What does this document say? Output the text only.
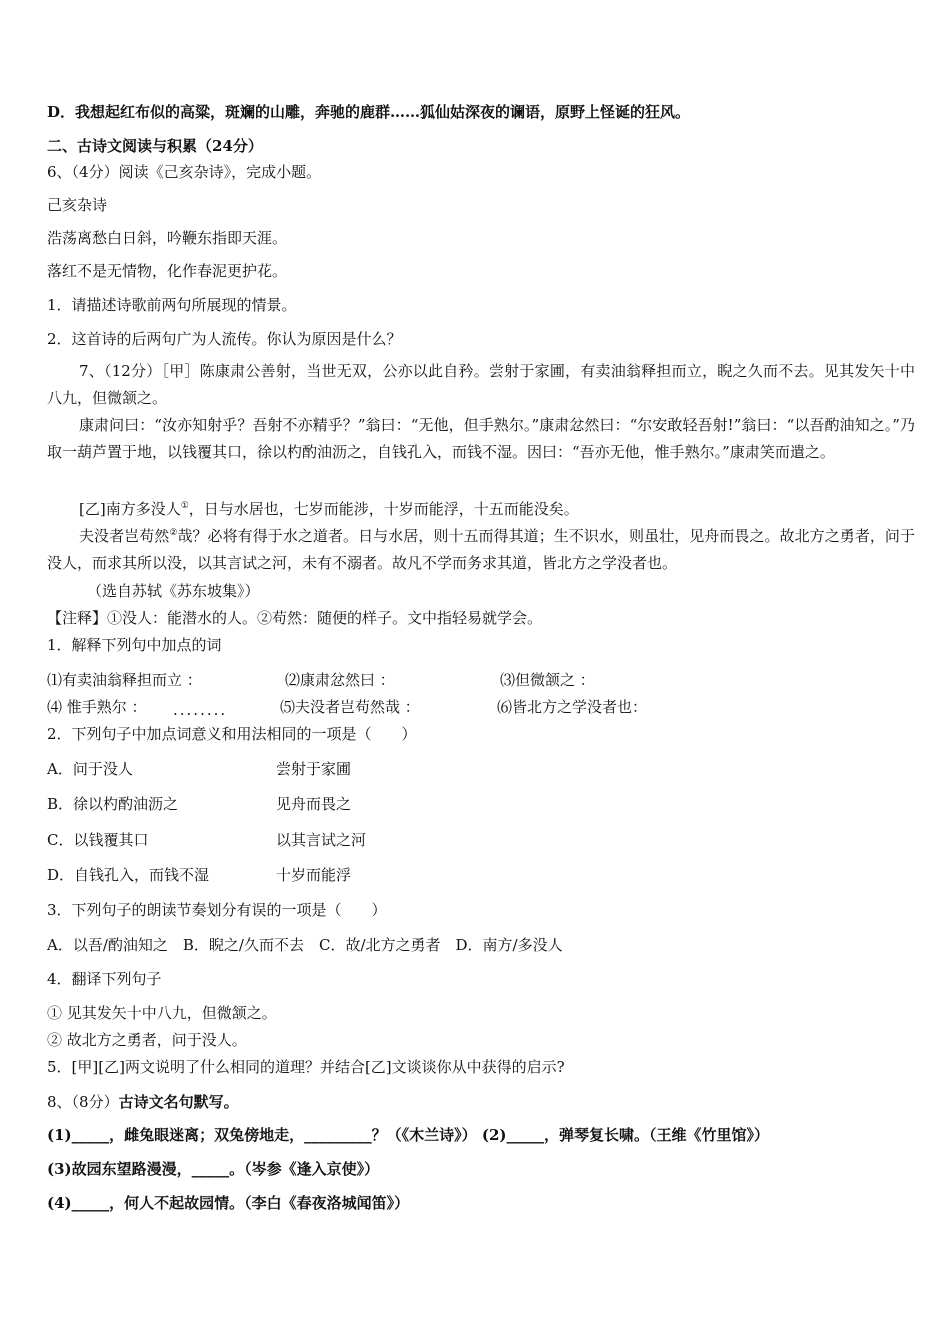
D．我想起红布似的高粱，斑斓的山雕，奔驰的鹿群……狐仙姑深夜的谰语，原野上怪诞的狂风。
二、古诗文阅读与积累（24分）
6、（4分）阅读《己亥杂诗》，完成小题。
己亥杂诗
浩荡离愁白日斜，吟鞭东指即天涯。
落红不是无情物，化作春泥更护花。
1．请描述诗歌前两句所展现的情景。
2．这首诗的后两句广为人流传。你认为原因是什么？
7、（12分）［甲］陈康肃公善射，当世无双，公亦以此自矜。尝射于家圃，有卖油翁释担而立，睨之久而不去。见其发矢十中八九，但微颔之。
康肃问曰：“汝亦知射乎？吾射不亦精乎？”翁曰：“无他，但手熟尔。”康肃忿然曰：“尔安敢轻吾射!”翁曰：“以吾酌油知之。”乃取一葫芦置于地，以钱覆其口，徐以杓酌油沥之，自钱孔入，而钱不湿。因曰：“吾亦无他，惟手熟尔。”康肃笑而遣之。
[乙]南方多没人①，日与水居也，七岁而能涉，十岁而能浮，十五而能没矣。
夫没者岂苟然②哉？必将有得于水之道者。日与水居，则十五而得其道；生不识水，则虽壮，见舟而畏之。故北方之勇者，问于没人，而求其所以没，以其言试之河，未有不溺者。故凡不学而务求其道，皆北方之学没者也。
（选自苏轼《苏东坡集》）
【注释】①没人：能潜水的人。②苟然：随便的样子。文中指轻易就学会。
1．解释下列句中加点的词
⑴有卖油翁释担而立 ：	⑵康肃忿然曰 ：	⑶但微颔之 ：
⑷ 惟手熟尔 ： ........	⑸夫没者岂苟然哉 ：	⑹皆北方之学没者也：
2．下列句子中加点词意义和用法相同的一项是（　　）
A．问于没人	尝射于家圃
B．徐以杓酌油沥之	见舟而畏之
C．以钱覆其口	以其言试之河
D．自钱孔入，而钱不湿	十岁而能浮
3．下列句子的朗读节奏划分有误的一项是（　　）
A．以吾/酌油知之　B．睨之/久而不去　C．故/北方之勇者　D．南方/多没人
4．翻译下列句子
① 见其发矢十中八九，但微颔之。
② 故北方之勇者，问于没人。
5．[甲][乙]两文说明了什么相同的道理？并结合[乙]文谈谈你从中获得的启示?
8、（8分）古诗文名句默写。
(1)_____，雌兔眼迷离；双兔傍地走，_________？（《木兰诗》） (2)_____，弹琴复长啸。（王维《竹里馆》）
(3)故园东望路漫漫，_____。（岑参《逢入京使》）
(4)_____，何人不起故园情。（李白《春夜洛城闻笛》）
